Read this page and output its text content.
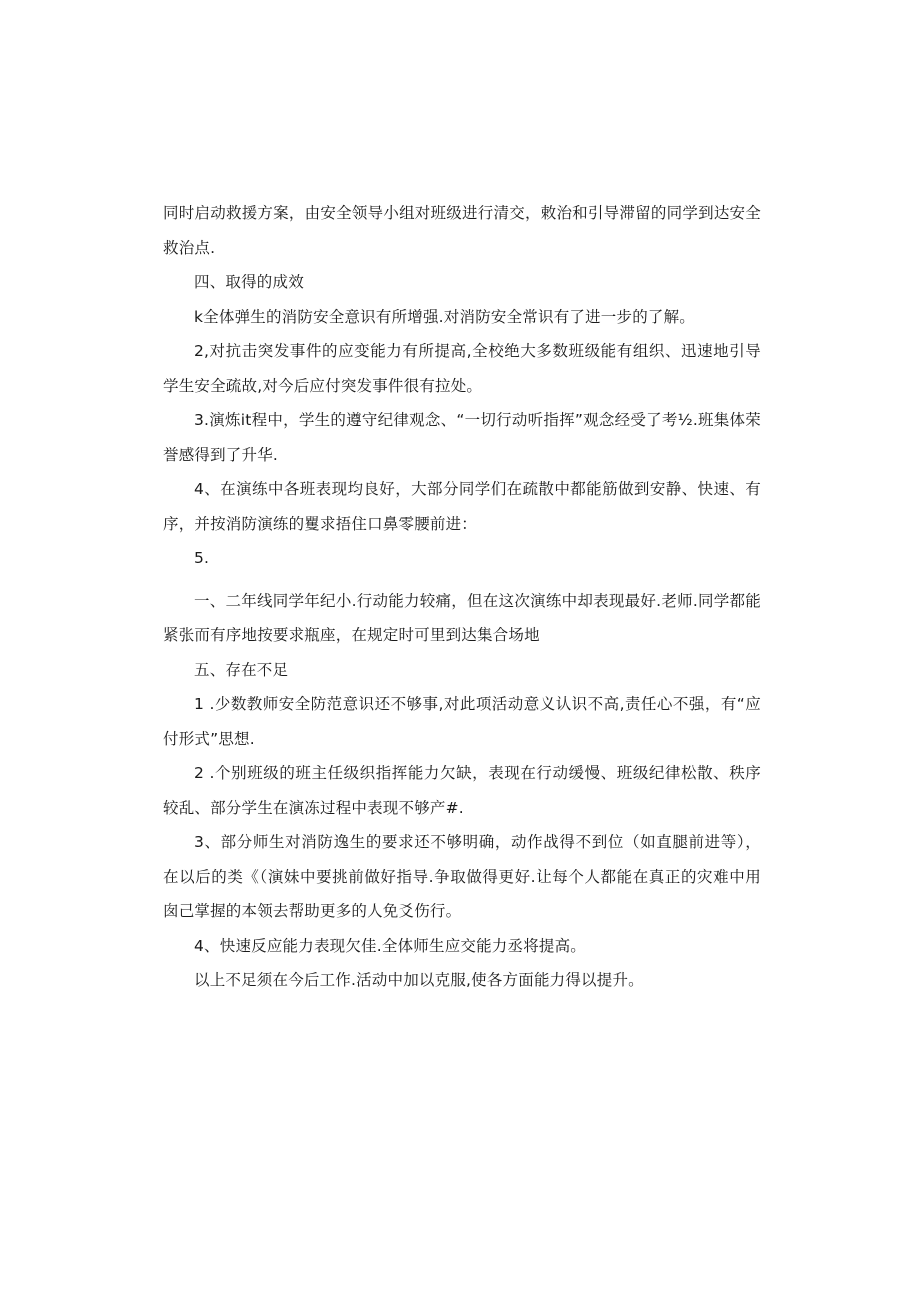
同时启动救援方案，由安全领导小组对班级进行清交，敕治和引导滞留的同学到达安全救治点.

四、取得的成效

k全体弹生的消防安全意识有所增强.对消防安全常识有了进一步的了解。

2,对抗击突发事件的应变能力有所提高,全校绝大多数班级能有组织、迅速地引导学生安全疏故,对今后应付突发事件很有拉处。

3.演炼it程中，学生的遵守纪律观念、“一切行动听指挥”观念经受了考½.班集体荣誉感得到了升华.

4、在演练中各班表现均良好，大部分同学们在疏散中都能筋做到安静、快速、有序，并按消防演练的矍求捂住口鼻零腰前进：

5.

一、二年线同学年纪小.行动能力较痛，但在这次演练中却表现最好.老师.同学都能紧张而有序地按要求瓶座，在规定时可里到达集合场地

五、存在不足

1 .少数教师安全防范意识还不够事,对此项活动意义认识不高,责任心不强，有“应付形式”思想.

2 .个别班级的班主任级织指挥能力欠缺，表现在行动缓慢、班级纪律松散、秩序较乱、部分学生在演冻过程中表现不够产#.

3、部分师生对消防逸生的要求还不够明确，动作战得不到位（如直腿前进等），在以后的类《（演妹中要挑前做好指导.争取做得更好.让每个人都能在真正的灾难中用囱己掌握的本领去帮助更多的人免爻伤行。

4、快速反应能力表现欠佳.全体师生应交能力丞将提高。

以上不足须在今后工作.活动中加以克服,使各方面能力得以提升。
